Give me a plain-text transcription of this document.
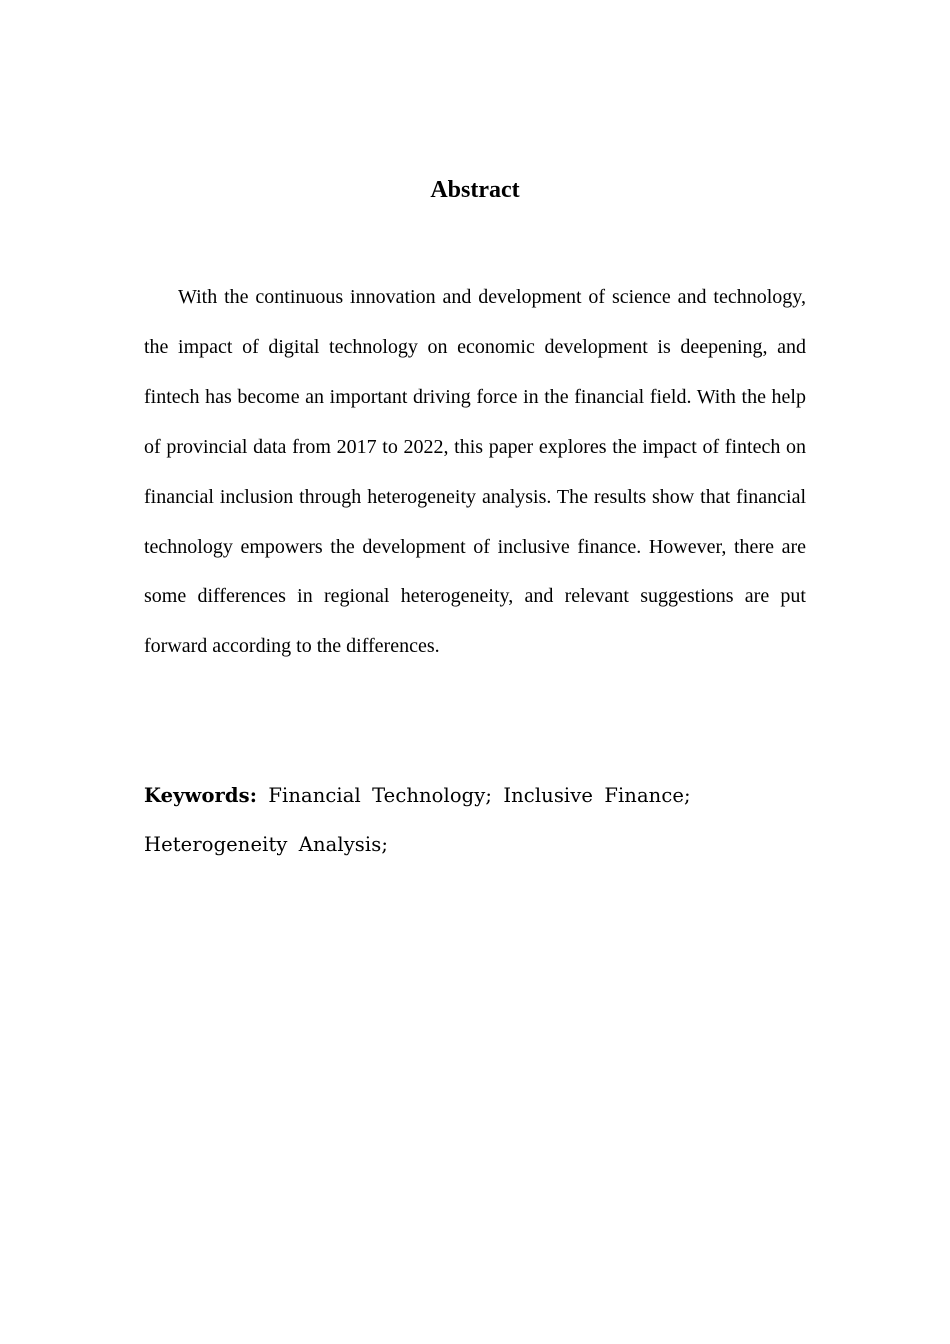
Abstract

With the continuous innovation and development of science and technology, the impact of digital technology on economic development is deepening, and fintech has become an important driving force in the financial field. With the help of provincial data from 2017 to 2022, this paper explores the impact of fintech on financial inclusion through heterogeneity analysis. The results show that financial technology empowers the development of inclusive finance. However, there are some differences in regional heterogeneity, and relevant suggestions are put forward according to the differences.

Keywords: Financial Technology; Inclusive Finance;
Heterogeneity Analysis;
